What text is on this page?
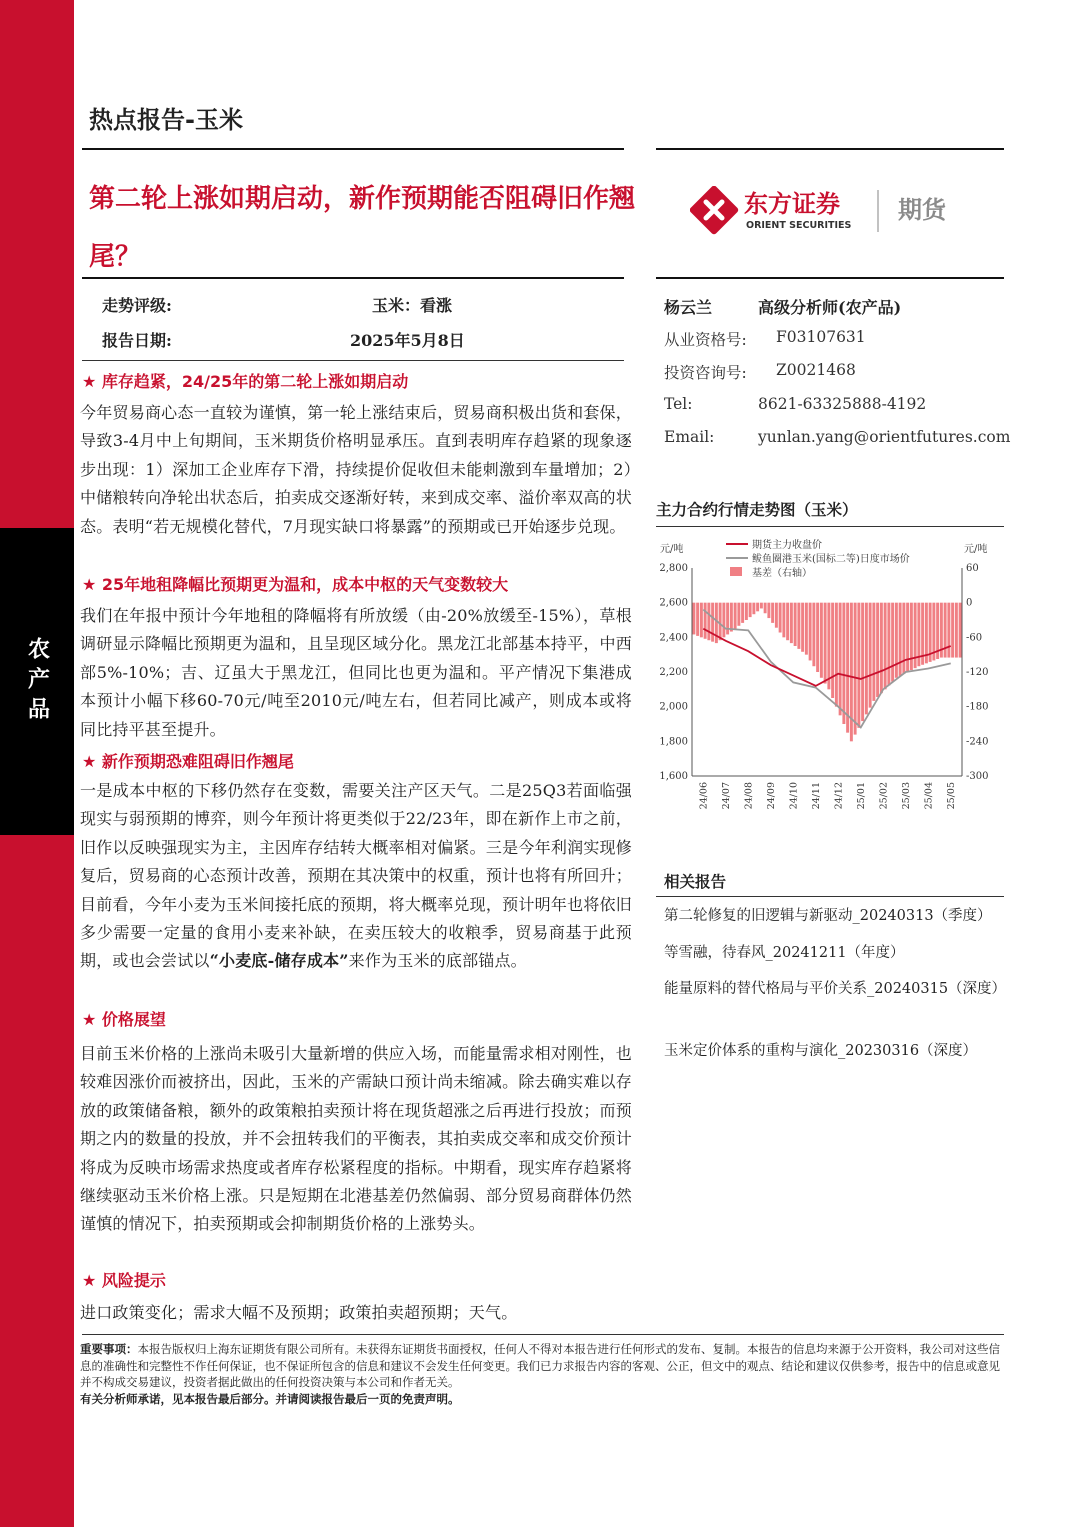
农产品
热点报告-玉米
第二轮上涨如期启动，新作预期能否阻碍旧作翘尾？
东方证券
ORIENT SECURITIES
期货
走势评级:	玉米：看涨
报告日期:	2025年5月8日
杨云兰	高级分析师(农产品)
从业资格号: F03107631
投资咨询号: Z0021468
Tel:	8621-63325888-4192
Email:	yunlan.yang@orientfutures.com
★ 库存趋紧，24/25年的第二轮上涨如期启动
今年贸易商心态一直较为谨慎，第一轮上涨结束后，贸易商积极出货和套保，导致3-4月中上旬期间，玉米期货价格明显承压。直到表明库存趋紧的现象逐步出现：1）深加工企业库存下滑，持续提价促收但未能刺激到车量增加；2）中储粮转向净轮出状态后，拍卖成交逐渐好转，来到成交率、溢价率双高的状态。表明“若无规模化替代，7月现实缺口将暴露”的预期或已开始逐步兑现。
★ 25年地租降幅比预期更为温和，成本中枢的天气变数较大
我们在年报中预计今年地租的降幅将有所放缓（由-20%放缓至-15%），草根调研显示降幅比预期更为温和，且呈现区域分化。黑龙江北部基本持平，中西部5%-10%；吉、辽虽大于黑龙江，但同比也更为温和。平产情况下集港成本预计小幅下移60-70元/吨至2010元/吨左右，但若同比减产，则成本或将同比持平甚至提升。
★ 新作预期恐难阻碍旧作翘尾
一是成本中枢的下移仍然存在变数，需要关注产区天气。二是25Q3若面临强现实与弱预期的博弈，则今年预计将更类似于22/23年，即在新作上市之前，旧作以反映强现实为主，主因库存结转大概率相对偏紧。三是今年利润实现修复后，贸易商的心态预计改善，预期在其决策中的权重，预计也将有所回升；目前看，今年小麦为玉米间接托底的预期，将大概率兑现，预计明年也将依旧多少需要一定量的食用小麦来补缺，在卖压较大的收粮季，贸易商基于此预期，或也会尝试以“小麦底-储存成本”来作为玉米的底部锚点。
★ 价格展望
目前玉米价格的上涨尚未吸引大量新增的供应入场，而能量需求相对刚性，也较难因涨价而被挤出，因此，玉米的产需缺口预计尚未缩减。除去确实难以存放的政策储备粮，额外的政策粮拍卖预计将在现货超涨之后再进行投放；而预期之内的数量的投放，并不会扭转我们的平衡表，其拍卖成交率和成交价预计将成为反映市场需求热度或者库存松紧程度的指标。中期看，现实库存趋紧将继续驱动玉米价格上涨。只是短期在北港基差仍然偏弱、部分贸易商群体仍然谨慎的情况下，拍卖预期或会抑制期货价格的上涨势头。
★ 风险提示
进口政策变化；需求大幅不及预期；政策拍卖超预期；天气。
主力合约行情走势图（玉米）
2,800
2,600
2,400
2,200
2,000
1,800
1,600
60
0
-60
-120
-180
-240
-300
24/06 24/07 24/08 24/09 24/10 24/11 24/12 25/01 25/02 25/03 25/04 25/05
元/吨	元/吨
期货主力收盘价
鲅鱼圈港玉米(国标二等)日度市场价
基差（右轴）
相关报告
第二轮修复的旧逻辑与新驱动_20240313（季度）
等雪融，待春风_20241211（年度）
能量原料的替代格局与平价关系_20240315（深度）
玉米定价体系的重构与演化_20230316（深度）
重要事项：本报告版权归上海东证期货有限公司所有。未获得东证期货书面授权，任何人不得对本报告进行任何形式的发布、复制。本报告的信息均来源于公开资料，我公司对这些信息的准确性和完整性不作任何保证，也不保证所包含的信息和建议不会发生任何变更。我们已力求报告内容的客观、公正，但文中的观点、结论和建议仅供参考，报告中的信息或意见并不构成交易建议，投资者据此做出的任何投资决策与本公司和作者无关。
有关分析师承诺，见本报告最后部分。并请阅读报告最后一页的免责声明。
